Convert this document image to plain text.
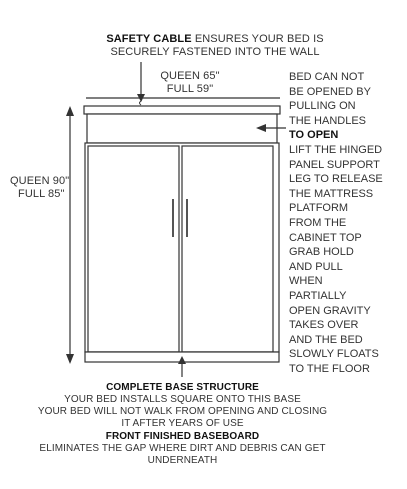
SAFETY CABLE ENSURES YOUR BED IS
SECURELY FASTENED INTO THE WALL
QUEEN 65"
FULL 59"
QUEEN 90"
FULL 85"
BED CAN NOT
BE OPENED BY
PULLING ON
THE HANDLES
TO OPEN
LIFT THE HINGED
PANEL SUPPORT
LEG TO RELEASE
THE MATTRESS
PLATFORM
FROM THE
CABINET TOP
GRAB HOLD
AND PULL
WHEN
PARTIALLY
OPEN GRAVITY
TAKES OVER
AND THE BED
SLOWLY FLOATS
TO THE FLOOR
COMPLETE BASE STRUCTURE
YOUR BED INSTALLS SQUARE ONTO THIS BASE
YOUR BED WILL NOT WALK FROM OPENING AND CLOSING
IT AFTER YEARS OF USE
FRONT FINISHED BASEBOARD
ELIMINATES THE GAP WHERE DIRT AND DEBRIS CAN GET
UNDERNEATH
